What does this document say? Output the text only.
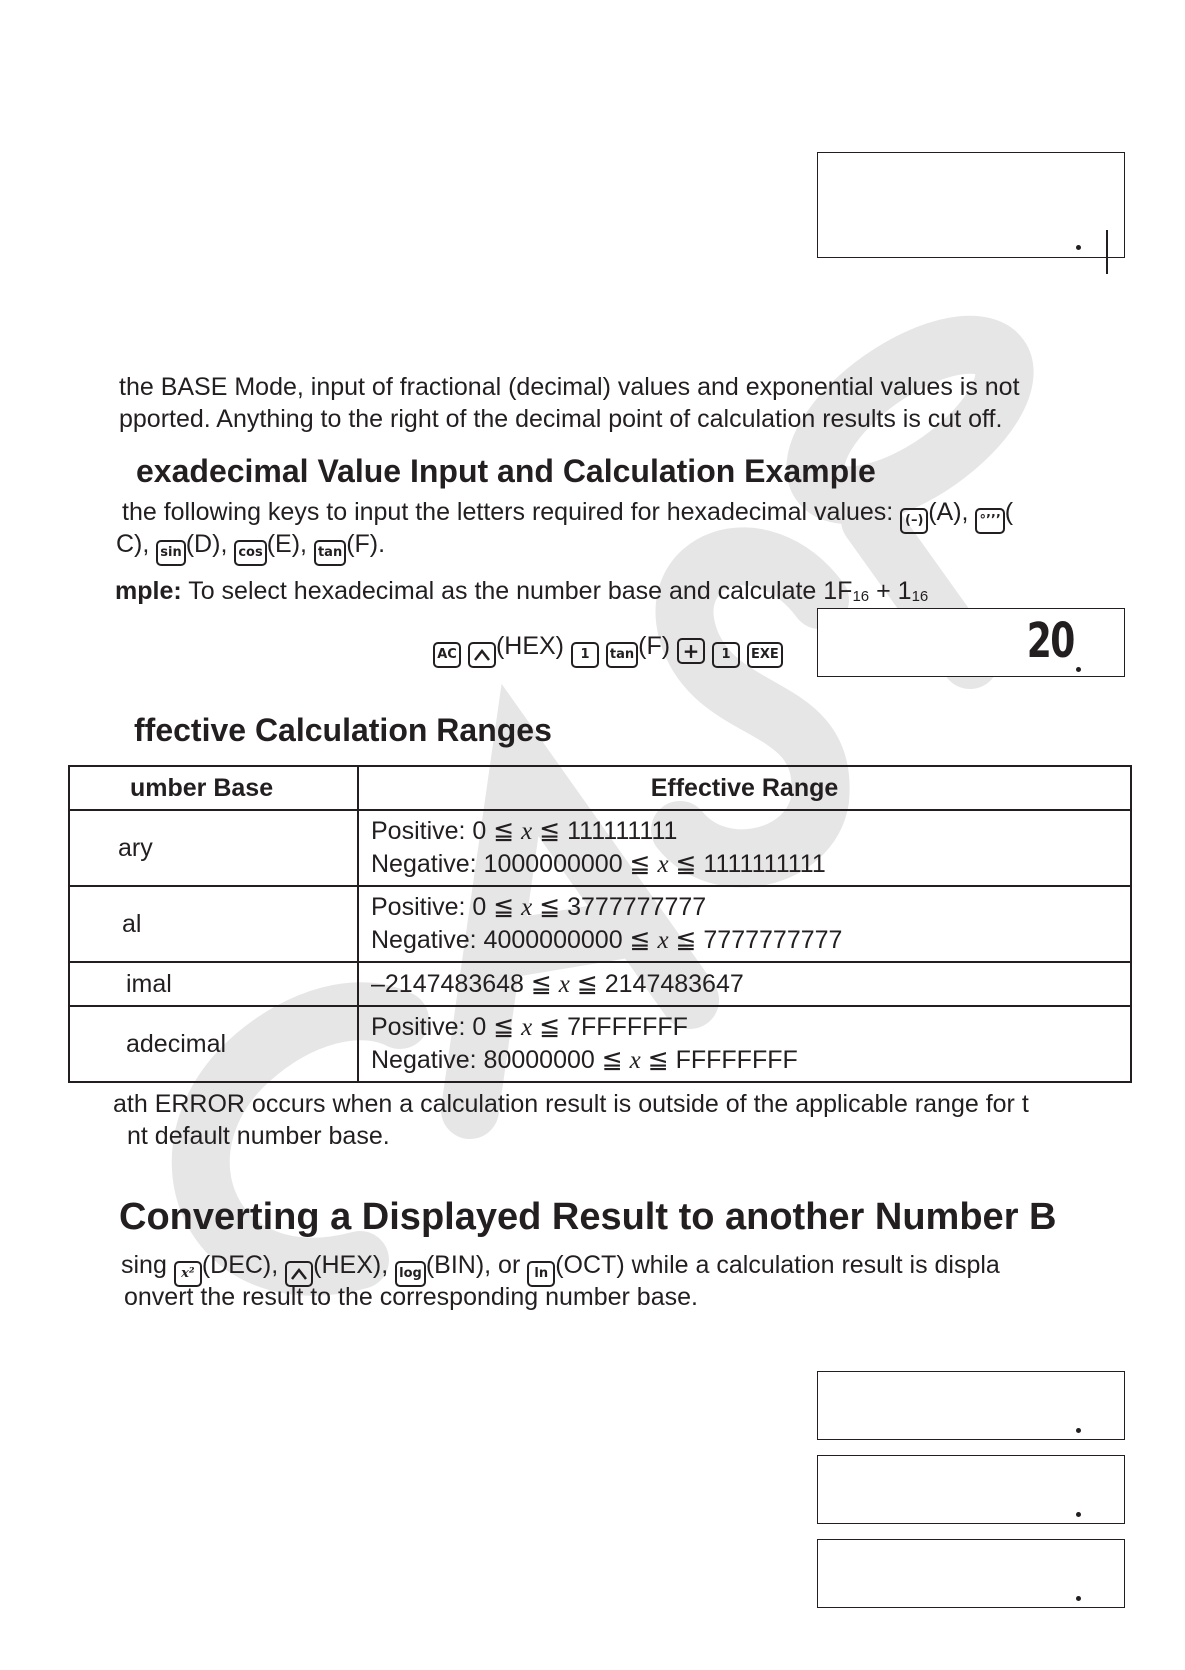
the BASE Mode, input of fractional (decimal) values and exponential values is not
pported. Anything to the right of the decimal point of calculation results is cut off.
exadecimal Value Input and Calculation Example
the following keys to input the letters required for hexadecimal values: (–) (A), °’’’ (
C), sin (D), cos (E), tan (F).
mple: To select hexadecimal as the number base and calculate 1F16 + 116
AC (HEX) 1 tan (F) + 1 EXE	20
ffective Calculation Ranges
umber Base	Effective Range
ary	Positive: 0 ≦ x ≦ 111111111
Negative: 1000000000 ≦ x ≦ 1111111111

al	Positive: 0 ≦ x ≦ 3777777777
Negative: 4000000000 ≦ x ≦ 7777777777

imal	–2147483648 ≦ x ≦ 2147483647

adecimal	Positive: 0 ≦ x ≦ 7FFFFFFF
Negative: 80000000 ≦ x ≦ FFFFFFFF
ath ERROR occurs when a calculation result is outside of the applicable range for t
nt default number base.
Converting a Displayed Result to another Number B
sing x² (DEC), (HEX), log (BIN), or ln (OCT) while a calculation result is displa
onvert the result to the corresponding number base.
